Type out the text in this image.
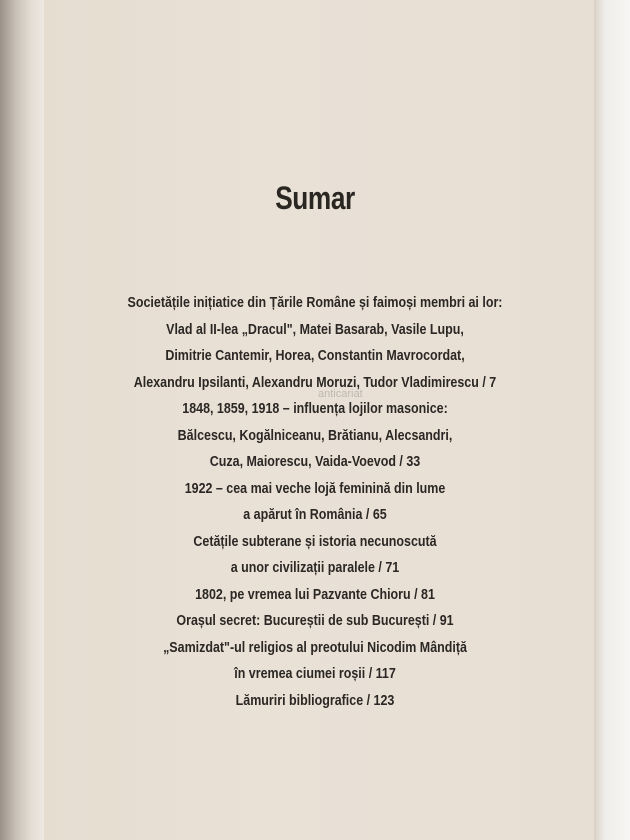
anticariat
Sumar
Societățile inițiatice din Țările Române și faimoși membri ai lor:
Vlad al II-lea „Dracul", Matei Basarab, Vasile Lupu,
Dimitrie Cantemir, Horea, Constantin Mavrocordat,
Alexandru Ipsilanti, Alexandru Moruzi, Tudor Vladimirescu / 7
1848, 1859, 1918 – influența lojilor masonice:
Bălcescu, Kogălniceanu, Brătianu, Alecsandri,
Cuza, Maiorescu, Vaida-Voevod / 33
1922 – cea mai veche lojă feminină din lume
a apărut în România / 65
Cetățile subterane și istoria necunoscută
a unor civilizații paralele / 71
1802, pe vremea lui Pazvante Chioru / 81
Orașul secret: Bucureștii de sub București / 91
„Samizdat"-ul religios al preotului Nicodim Mândiță
în vremea ciumei roșii / 117
Lămuriri bibliografice / 123
